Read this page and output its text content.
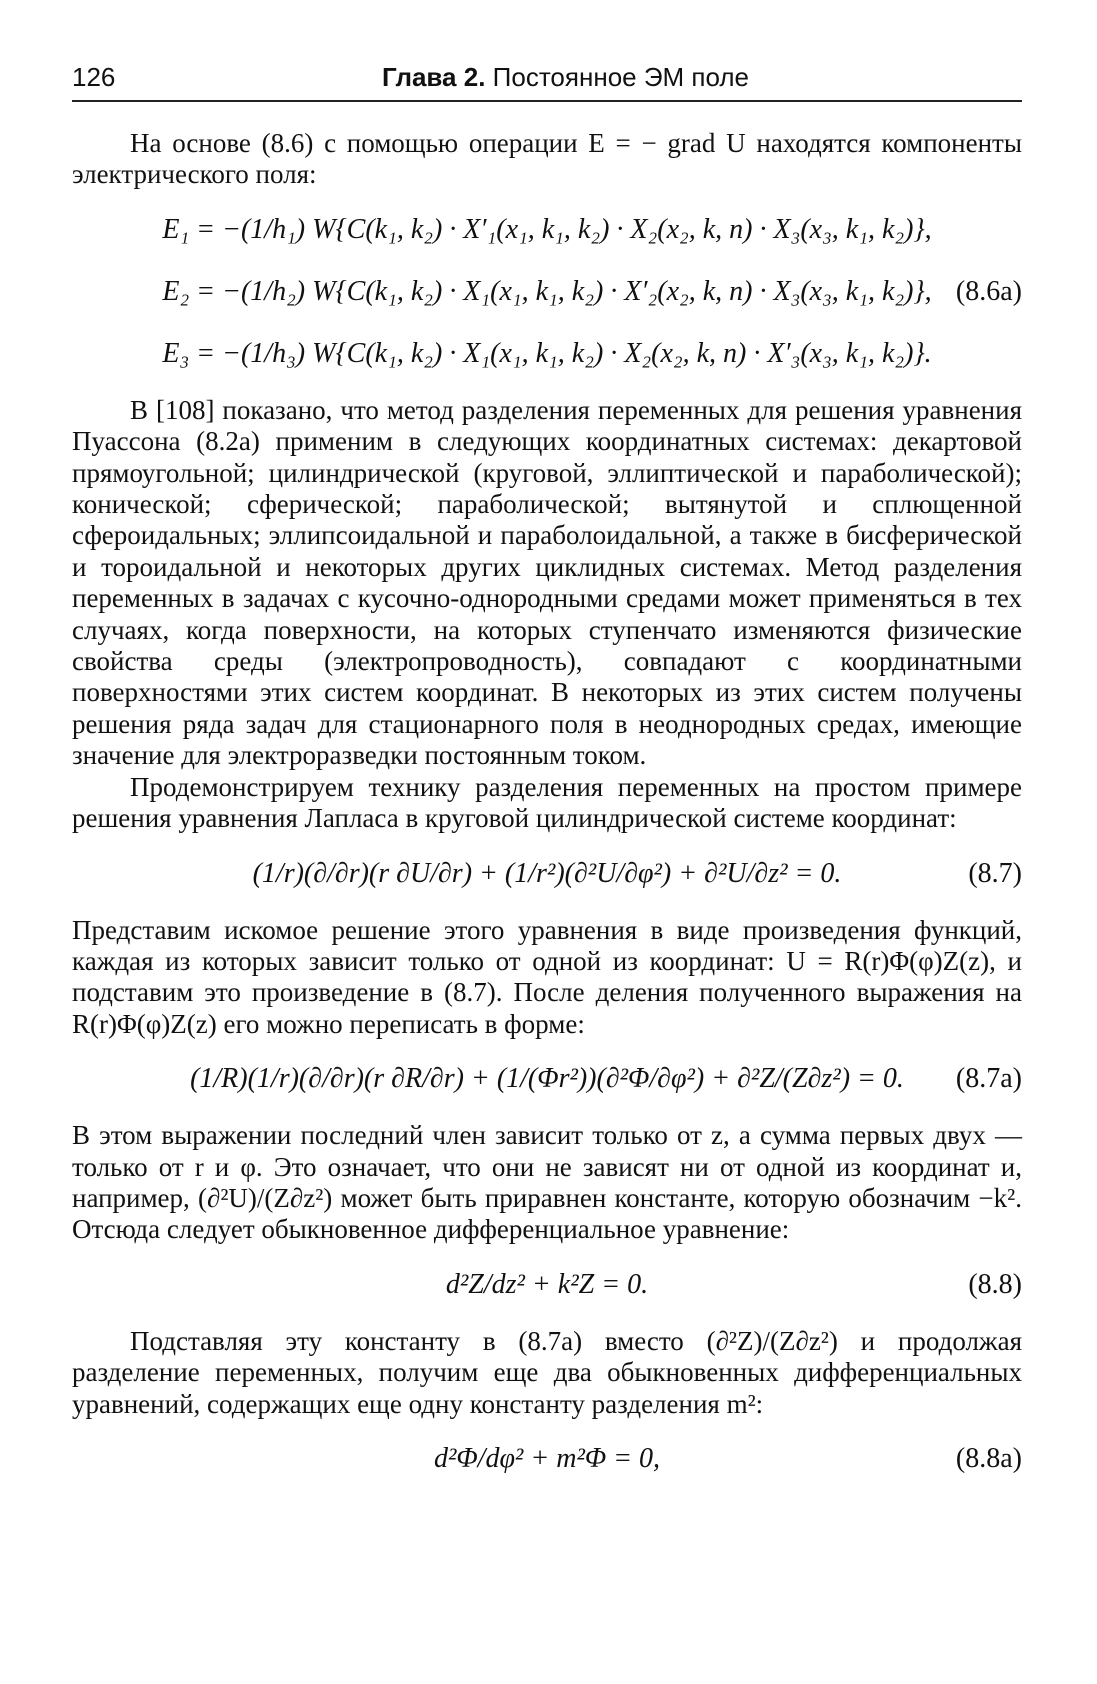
126	Глава 2. Постоянное ЭМ поле

На основе (8.6) с помощью операции E = − grad U находятся компоненты электрического поля:

E₁ = −(1/h₁) W{C(k₁, k₂) · X′₁(x₁, k₁, k₂) · X₂(x₂, k, n) · X₃(x₃, k₁, k₂)},
E₂ = −(1/h₂) W{C(k₁, k₂) · X₁(x₁, k₁, k₂) · X′₂(x₂, k, n) · X₃(x₃, k₁, k₂)}, (8.6a)
E₃ = −(1/h₃) W{C(k₁, k₂) · X₁(x₁, k₁, k₂) · X₂(x₂, k, n) · X′₃(x₃, k₁, k₂)}.

В [108] показано, что метод разделения переменных для решения уравнения Пуассона (8.2а) применим в следующих координатных системах: декартовой прямоугольной; цилиндрической (круговой, эллиптической и параболической); конической; сферической; параболической; вытянутой и сплющенной сфероидальных; эллипсоидальной и параболоидальной, а также в бисферической и тороидальной и некоторых других циклидных системах. Метод разделения переменных в задачах с кусочно-однородными средами может применяться в тех случаях, когда поверхности, на которых ступенчато изменяются физические свойства среды (электропроводность), совпадают с координатными поверхностями этих систем координат. В некоторых из этих систем получены решения ряда задач для стационарного поля в неоднородных средах, имеющие значение для электроразведки постоянным током.

Продемонстрируем технику разделения переменных на простом примере решения уравнения Лапласа в круговой цилиндрической системе координат:

(1/r)(∂/∂r)(r ∂U/∂r) + (1/r²)(∂²U/∂φ²) + ∂²U/∂z² = 0.	(8.7)

Представим искомое решение этого уравнения в виде произведения функций, каждая из которых зависит только от одной из координат: U = R(r)Φ(φ)Z(z), и подставим это произведение в (8.7). После деления полученного выражения на R(r)Φ(φ)Z(z) его можно переписать в форме:

(1/R)(1/r)(∂/∂r)(r ∂R/∂r) + (1/(Φr²))(∂²Φ/∂φ²) + ∂²Z/(Z∂z²) = 0.	(8.7a)

В этом выражении последний член зависит только от z, а сумма первых двух — только от r и φ. Это означает, что они не зависят ни от одной из координат и, например, (∂²U)/(Z∂z²) может быть приравнен константе, которую обозначим −k². Отсюда следует обыкновенное дифференциальное уравнение:

d²Z/dz² + k²Z = 0.	(8.8)

Подставляя эту константу в (8.7а) вместо (∂²Z)/(Z∂z²) и продолжая разделение переменных, получим еще два обыкновенных дифференциальных уравнений, содержащих еще одну константу разделения m²:

d²Φ/dφ² + m²Φ = 0,	(8.8a)
